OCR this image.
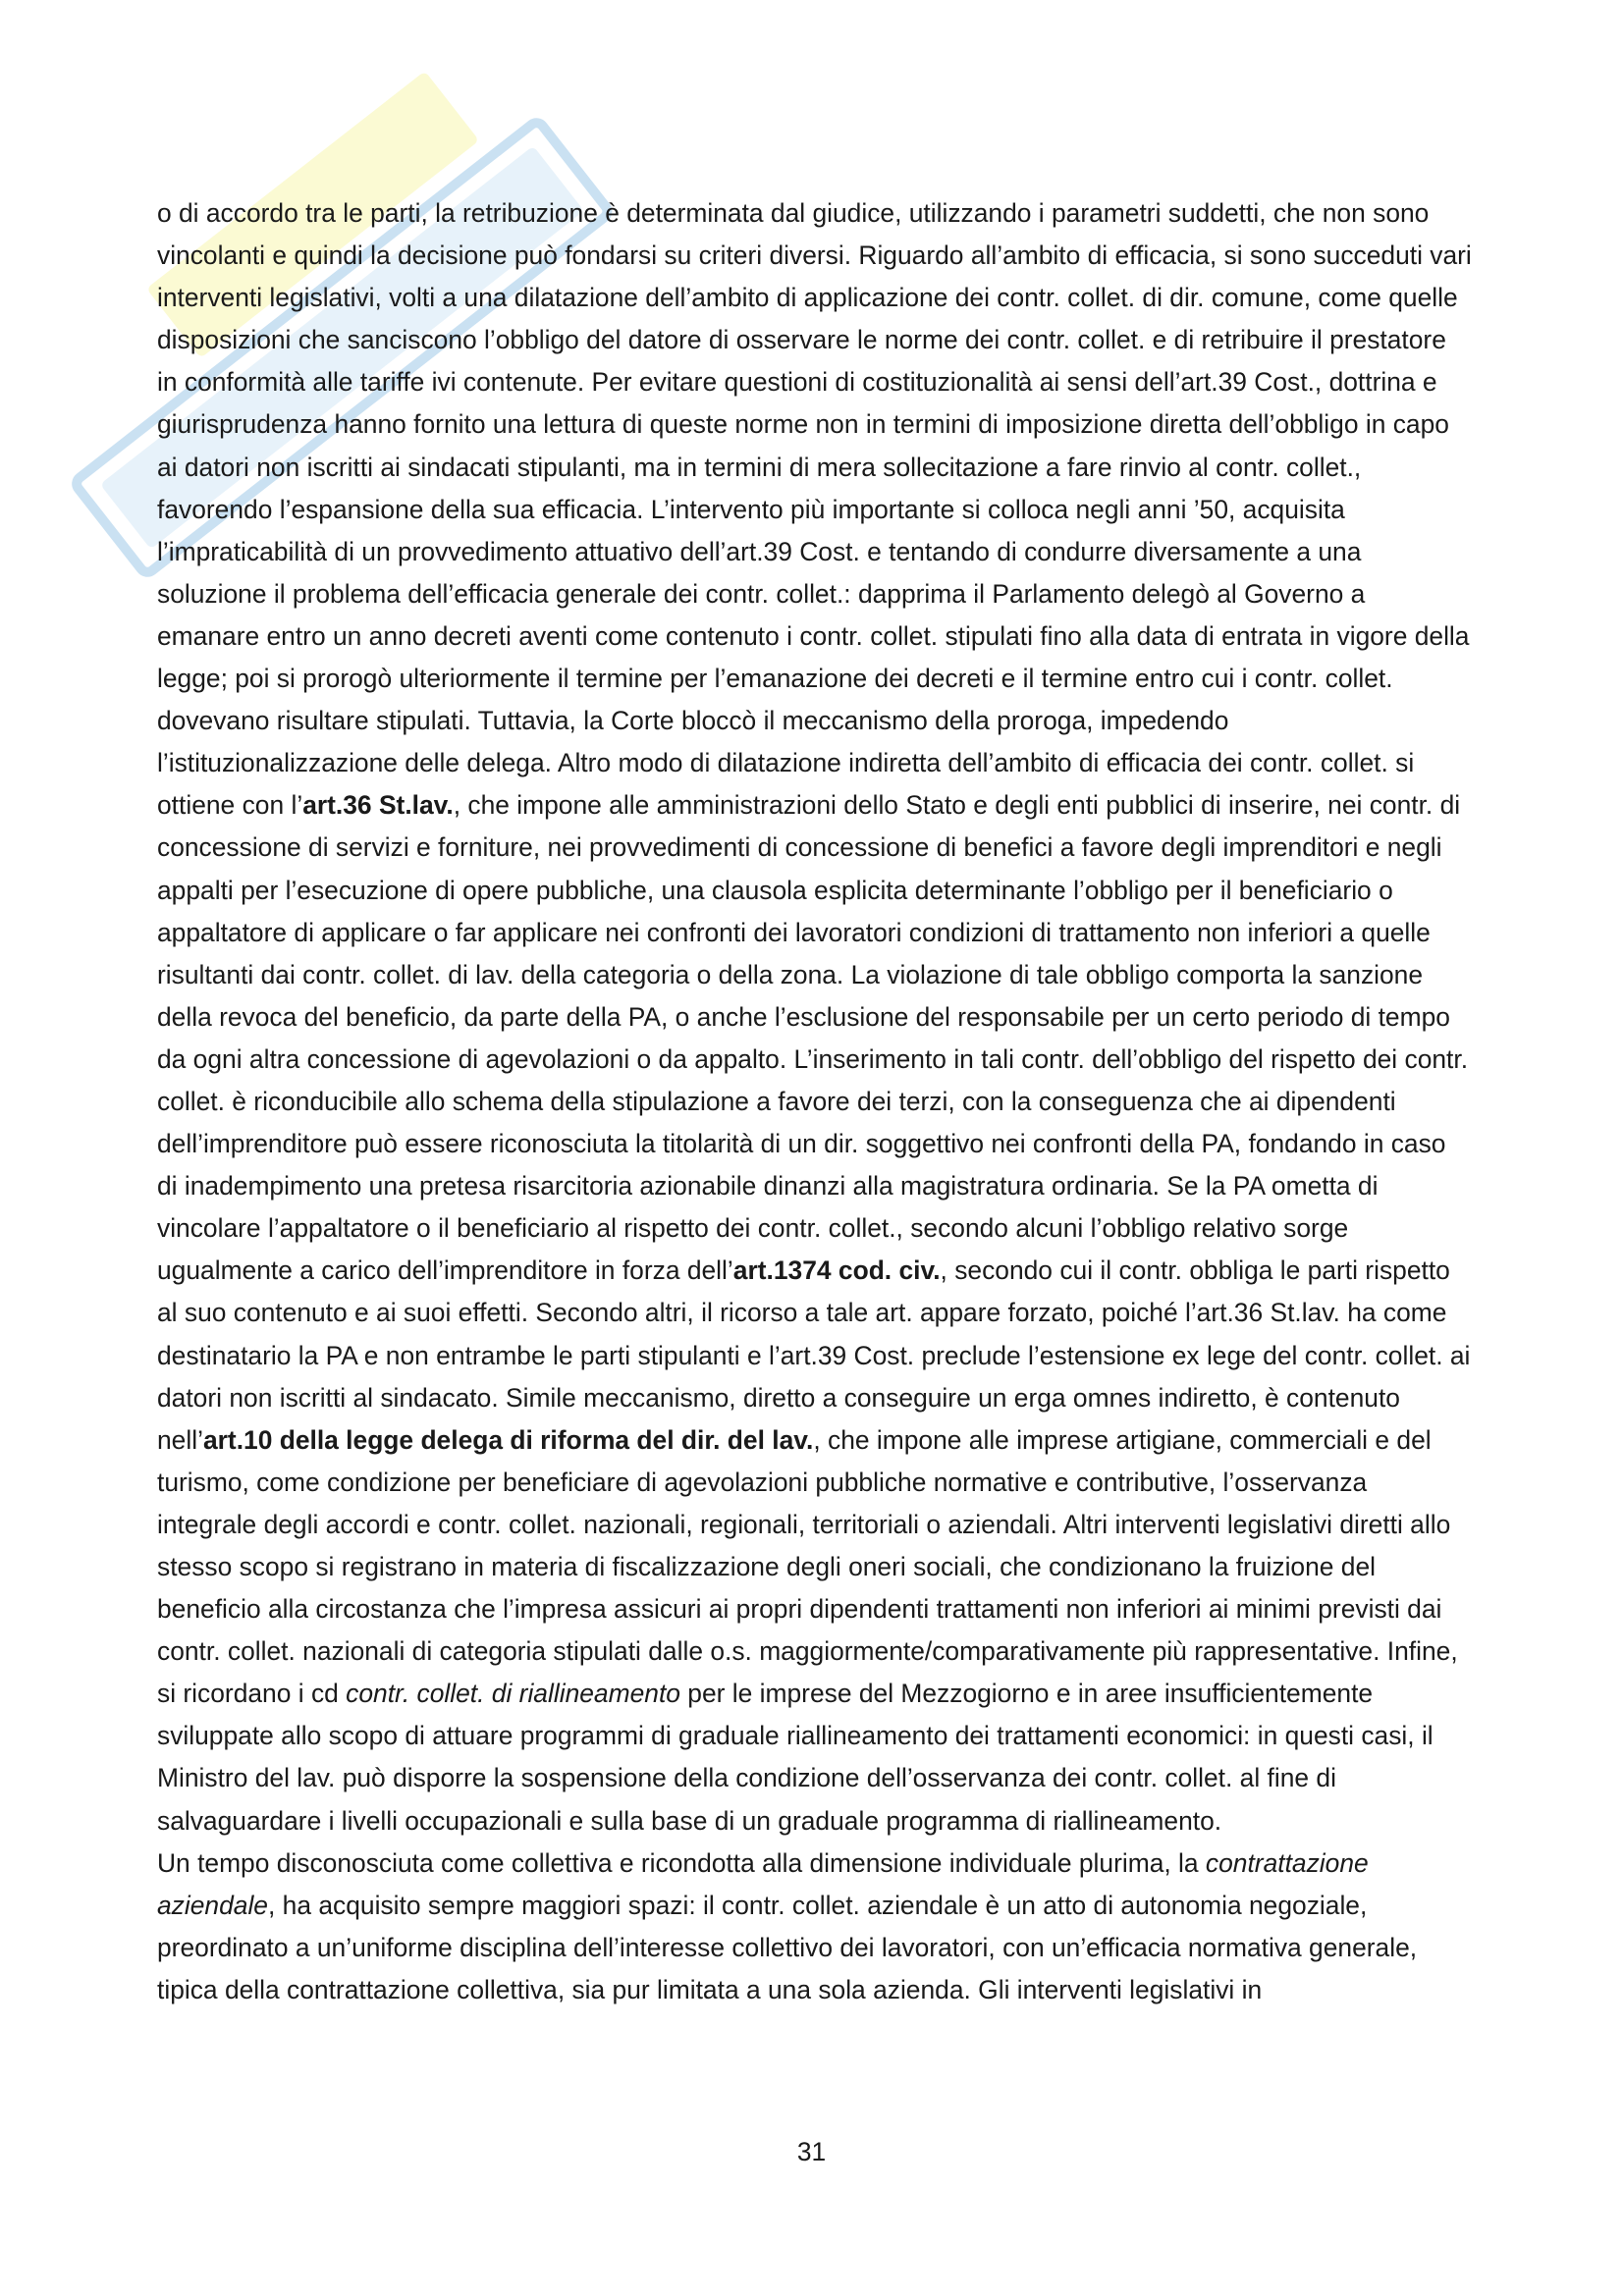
o di accordo tra le parti, la retribuzione è determinata dal giudice, utilizzando i parametri suddetti, che non sono vincolanti e quindi la decisione può fondarsi su criteri diversi. Riguardo all’ambito di efficacia, si sono succeduti vari interventi legislativi, volti a una dilatazione dell’ambito di applicazione dei contr. collet. di dir. comune, come quelle disposizioni che sanciscono l’obbligo del datore di osservare le norme dei contr. collet. e di retribuire il prestatore in conformità alle tariffe ivi contenute. Per evitare questioni di costituzionalità ai sensi dell’art.39 Cost., dottrina e giurisprudenza hanno fornito una lettura di queste norme non in termini di imposizione diretta dell’obbligo in capo ai datori non iscritti ai sindacati stipulanti, ma in termini di mera sollecitazione a fare rinvio al contr. collet., favorendo l’espansione della sua efficacia. L’intervento più importante si colloca negli anni ’50, acquisita l’impraticabilità di un provvedimento attuativo dell’art.39 Cost. e tentando di condurre diversamente a una soluzione il problema dell’efficacia generale dei contr. collet.: dapprima il Parlamento delegò al Governo a emanare entro un anno decreti aventi come contenuto i contr. collet. stipulati fino alla data di entrata in vigore della legge; poi si prorogò ulteriormente il termine per l’emanazione dei decreti e il termine entro cui i contr. collet. dovevano risultare stipulati. Tuttavia, la Corte bloccò il meccanismo della proroga, impedendo l’istituzionalizzazione delle delega. Altro modo di dilatazione indiretta dell’ambito di efficacia dei contr. collet. si ottiene con l’art.36 St.lav., che impone alle amministrazioni dello Stato e degli enti pubblici di inserire, nei contr. di concessione di servizi e forniture, nei provvedimenti di concessione di benefici a favore degli imprenditori e negli appalti per l’esecuzione di opere pubbliche, una clausola esplicita determinante l’obbligo per il beneficiario o appaltatore di applicare o far applicare nei confronti dei lavoratori condizioni di trattamento non inferiori a quelle risultanti dai contr. collet. di lav. della categoria o della zona. La violazione di tale obbligo comporta la sanzione della revoca del beneficio, da parte della PA, o anche l’esclusione del responsabile per un certo periodo di tempo da ogni altra concessione di agevolazioni o da appalto. L’inserimento in tali contr. dell’obbligo del rispetto dei contr. collet. è riconducibile allo schema della stipulazione a favore dei terzi, con la conseguenza che ai dipendenti dell’imprenditore può essere riconosciuta la titolarità di un dir. soggettivo nei confronti della PA, fondando in caso di inadempimento una pretesa risarcitoria azionabile dinanzi alla magistratura ordinaria. Se la PA ometta di vincolare l’appaltatore o il beneficiario al rispetto dei contr. collet., secondo alcuni l’obbligo relativo sorge ugualmente a carico dell’imprenditore in forza dell’art.1374 cod. civ., secondo cui il contr. obbliga le parti rispetto al suo contenuto e ai suoi effetti. Secondo altri, il ricorso a tale art. appare forzato, poiché l’art.36 St.lav. ha come destinatario la PA e non entrambe le parti stipulanti e l’art.39 Cost. preclude l’estensione ex lege del contr. collet. ai datori non iscritti al sindacato. Simile meccanismo, diretto a conseguire un erga omnes indiretto, è contenuto nell’art.10 della legge delega di riforma del dir. del lav., che impone alle imprese artigiane, commerciali e del turismo, come condizione per beneficiare di agevolazioni pubbliche normative e contributive, l’osservanza integrale degli accordi e contr. collet. nazionali, regionali, territoriali o aziendali. Altri interventi legislativi diretti allo stesso scopo si registrano in materia di fiscalizzazione degli oneri sociali, che condizionano la fruizione del beneficio alla circostanza che l’impresa assicuri ai propri dipendenti trattamenti non inferiori ai minimi previsti dai contr. collet. nazionali di categoria stipulati dalle o.s. maggiormente/comparativamente più rappresentative. Infine, si ricordano i cd contr. collet. di riallineamento per le imprese del Mezzogiorno e in aree insufficientemente sviluppate allo scopo di attuare programmi di graduale riallineamento dei trattamenti economici: in questi casi, il Ministro del lav. può disporre la sospensione della condizione dell’osservanza dei contr. collet. al fine di salvaguardare i livelli occupazionali e sulla base di un graduale programma di riallineamento.

Un tempo disconosciuta come collettiva e ricondotta alla dimensione individuale plurima, la contrattazione aziendale, ha acquisito sempre maggiori spazi: il contr. collet. aziendale è un atto di autonomia negoziale, preordinato a un’uniforme disciplina dell’interesse collettivo dei lavoratori, con un’efficacia normativa generale, tipica della contrattazione collettiva, sia pur limitata a una sola azienda. Gli interventi legislativi in

31
